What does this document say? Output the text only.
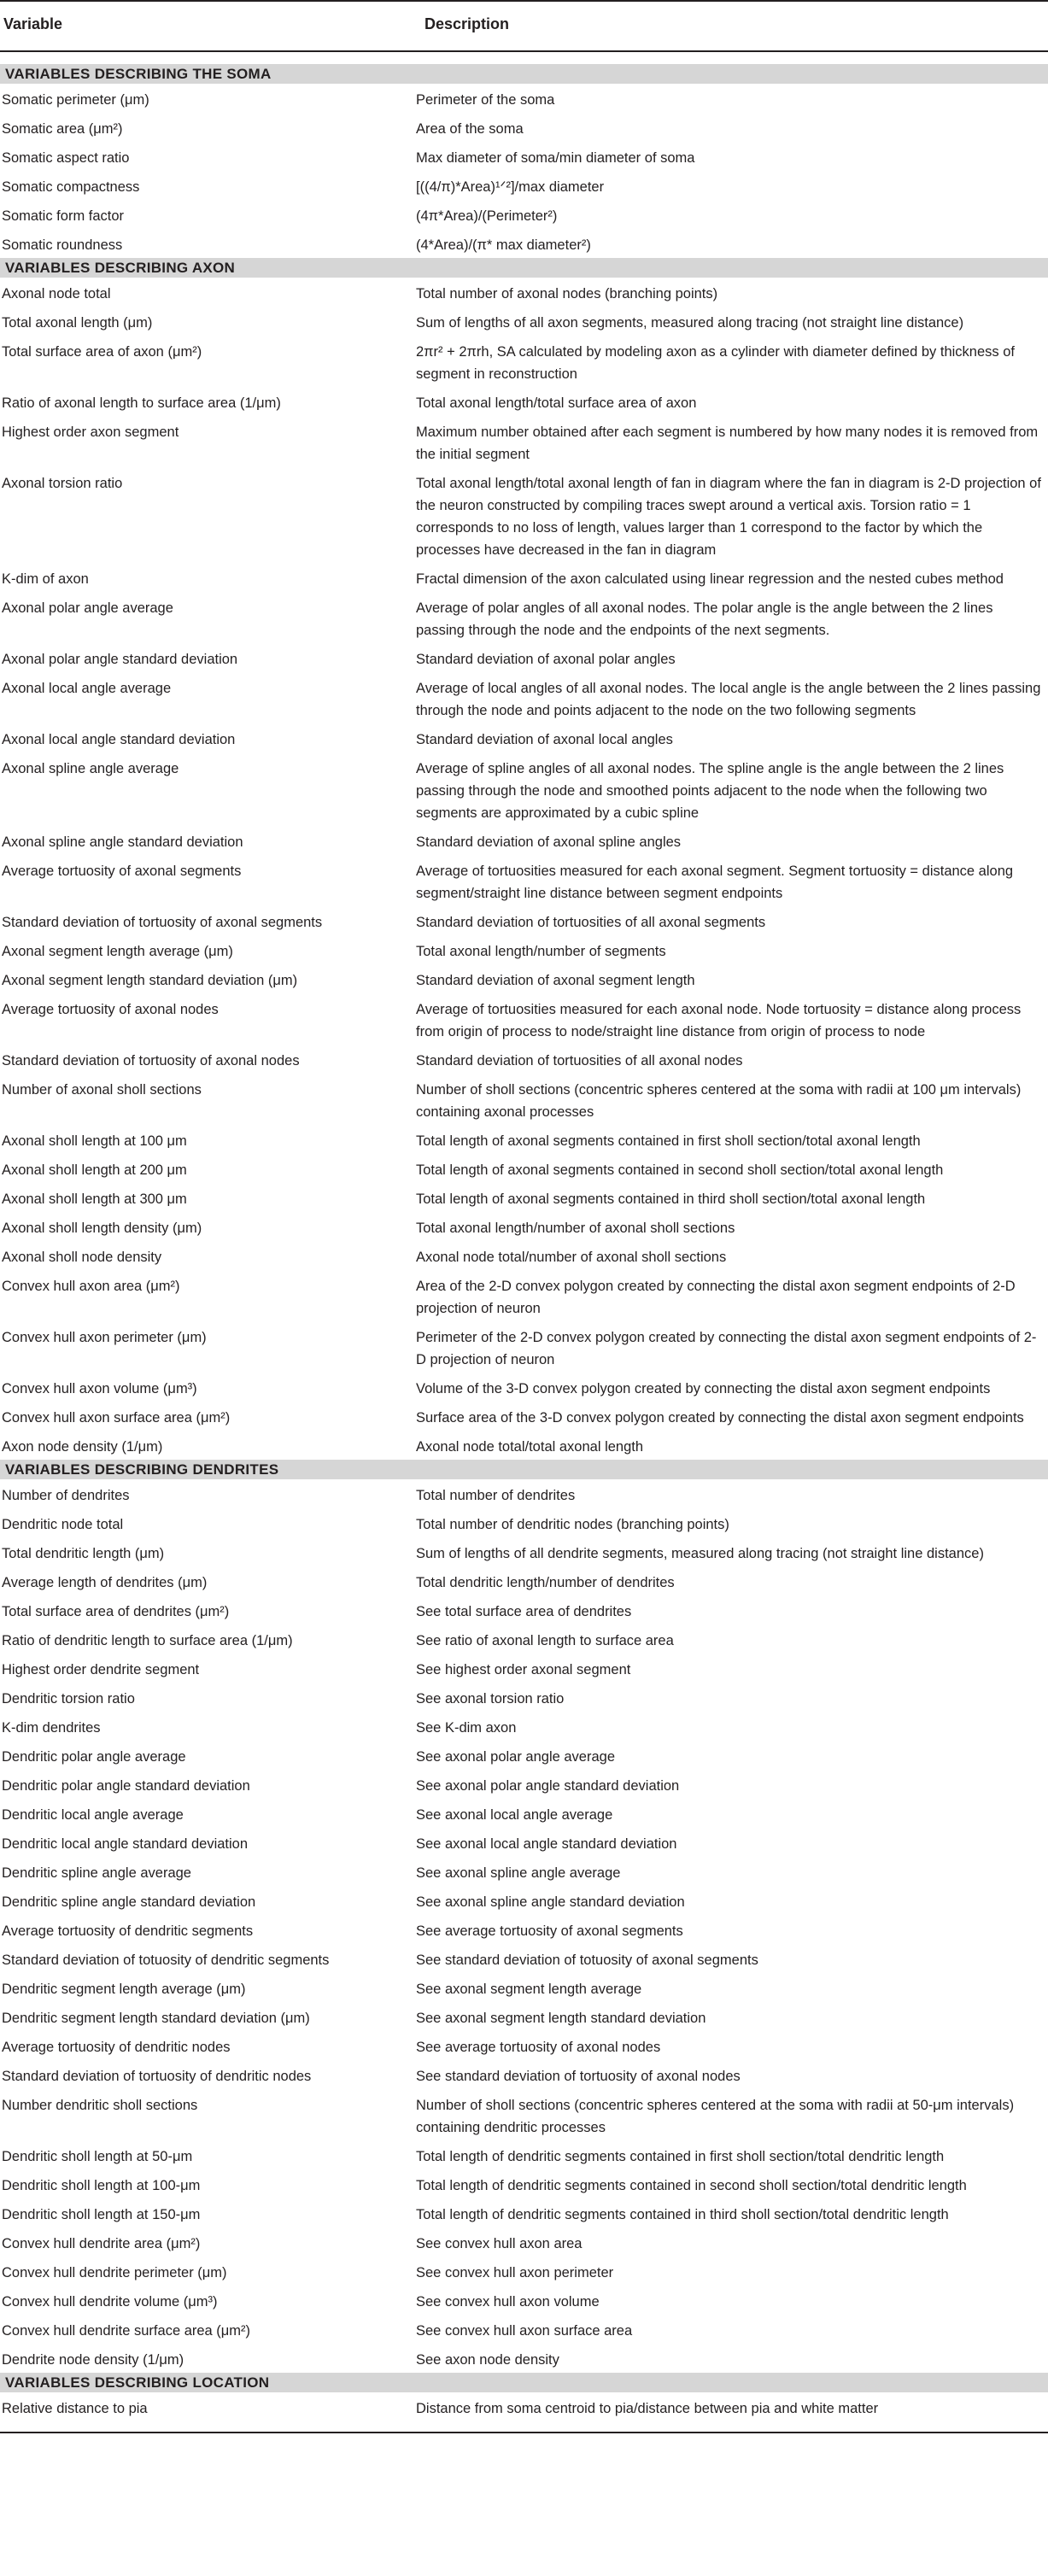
Variable	Description

VARIABLES DESCRIBING THE SOMA	
Somatic perimeter (μm)	Perimeter of the soma
Somatic area (μm²)	Area of the soma
Somatic aspect ratio	Max diameter of soma/min diameter of soma
Somatic compactness	[((4/π)*Area)¹ᐟ²]/max diameter
Somatic form factor	(4π*Area)/(Perimeter²)
Somatic roundness	(4*Area)/(π* max diameter²)
VARIABLES DESCRIBING AXON	
Axonal node total	Total number of axonal nodes (branching points)
Total axonal length (μm)	Sum of lengths of all axon segments, measured along tracing (not straight line distance)
Total surface area of axon (μm²)	2πr² + 2πrh, SA calculated by modeling axon as a cylinder with diameter defined by thickness of segment in reconstruction
Ratio of axonal length to surface area (1/μm)	Total axonal length/total surface area of axon
Highest order axon segment	Maximum number obtained after each segment is numbered by how many nodes it is removed from the initial segment
Axonal torsion ratio	Total axonal length/total axonal length of fan in diagram where the fan in diagram is 2-D projection of the neuron constructed by compiling traces swept around a vertical axis. Torsion ratio = 1 corresponds to no loss of length, values larger than 1 correspond to the factor by which the processes have decreased in the fan in diagram
K-dim of axon	Fractal dimension of the axon calculated using linear regression and the nested cubes method
Axonal polar angle average	Average of polar angles of all axonal nodes. The polar angle is the angle between the 2 lines passing through the node and the endpoints of the next segments.
Axonal polar angle standard deviation	Standard deviation of axonal polar angles
Axonal local angle average	Average of local angles of all axonal nodes. The local angle is the angle between the 2 lines passing through the node and points adjacent to the node on the two following segments
Axonal local angle standard deviation	Standard deviation of axonal local angles
Axonal spline angle average	Average of spline angles of all axonal nodes. The spline angle is the angle between the 2 lines passing through the node and smoothed points adjacent to the node when the following two segments are approximated by a cubic spline
Axonal spline angle standard deviation	Standard deviation of axonal spline angles
Average tortuosity of axonal segments	Average of tortuosities measured for each axonal segment. Segment tortuosity = distance along segment/straight line distance between segment endpoints
Standard deviation of tortuosity of axonal segments	Standard deviation of tortuosities of all axonal segments
Axonal segment length average (μm)	Total axonal length/number of segments
Axonal segment length standard deviation (μm)	Standard deviation of axonal segment length
Average tortuosity of axonal nodes	Average of tortuosities measured for each axonal node. Node tortuosity = distance along process from origin of process to node/straight line distance from origin of process to node
Standard deviation of tortuosity of axonal nodes	Standard deviation of tortuosities of all axonal nodes
Number of axonal sholl sections	Number of sholl sections (concentric spheres centered at the soma with radii at 100 μm intervals) containing axonal processes
Axonal sholl length at 100 μm	Total length of axonal segments contained in first sholl section/total axonal length
Axonal sholl length at 200 μm	Total length of axonal segments contained in second sholl section/total axonal length
Axonal sholl length at 300 μm	Total length of axonal segments contained in third sholl section/total axonal length
Axonal sholl length density (μm)	Total axonal length/number of axonal sholl sections
Axonal sholl node density	Axonal node total/number of axonal sholl sections
Convex hull axon area (μm²)	Area of the 2-D convex polygon created by connecting the distal axon segment endpoints of 2-D projection of neuron
Convex hull axon perimeter (μm)	Perimeter of the 2-D convex polygon created by connecting the distal axon segment endpoints of 2-D projection of neuron
Convex hull axon volume (μm³)	Volume of the 3-D convex polygon created by connecting the distal axon segment endpoints
Convex hull axon surface area (μm²)	Surface area of the 3-D convex polygon created by connecting the distal axon segment endpoints
Axon node density (1/μm)	Axonal node total/total axonal length
VARIABLES DESCRIBING DENDRITES	
Number of dendrites	Total number of dendrites
Dendritic node total	Total number of dendritic nodes (branching points)
Total dendritic length (μm)	Sum of lengths of all dendrite segments, measured along tracing (not straight line distance)
Average length of dendrites (μm)	Total dendritic length/number of dendrites
Total surface area of dendrites (μm²)	See total surface area of dendrites
Ratio of dendritic length to surface area (1/μm)	See ratio of axonal length to surface area
Highest order dendrite segment	See highest order axonal segment
Dendritic torsion ratio	See axonal torsion ratio
K-dim dendrites	See K-dim axon
Dendritic polar angle average	See axonal polar angle average
Dendritic polar angle standard deviation	See axonal polar angle standard deviation
Dendritic local angle average	See axonal local angle average
Dendritic local angle standard deviation	See axonal local angle standard deviation
Dendritic spline angle average	See axonal spline angle average
Dendritic spline angle standard deviation	See axonal spline angle standard deviation
Average tortuosity of dendritic segments	See average tortuosity of axonal segments
Standard deviation of totuosity of dendritic segments	See standard deviation of totuosity of axonal segments
Dendritic segment length average (μm)	See axonal segment length average
Dendritic segment length standard deviation (μm)	See axonal segment length standard deviation
Average tortuosity of dendritic nodes	See average tortuosity of axonal nodes
Standard deviation of tortuosity of dendritic nodes	See standard deviation of tortuosity of axonal nodes
Number dendritic sholl sections	Number of sholl sections (concentric spheres centered at the soma with radii at 50-μm intervals) containing dendritic processes
Dendritic sholl length at 50-μm	Total length of dendritic segments contained in first sholl section/total dendritic length
Dendritic sholl length at 100-μm	Total length of dendritic segments contained in second sholl section/total dendritic length
Dendritic sholl length at 150-μm	Total length of dendritic segments contained in third sholl section/total dendritic length
Convex hull dendrite area (μm²)	See convex hull axon area
Convex hull dendrite perimeter (μm)	See convex hull axon perimeter
Convex hull dendrite volume (μm³)	See convex hull axon volume
Convex hull dendrite surface area (μm²)	See convex hull axon surface area
Dendrite node density (1/μm)	See axon node density
VARIABLES DESCRIBING LOCATION	
Relative distance to pia	Distance from soma centroid to pia/distance between pia and white matter
